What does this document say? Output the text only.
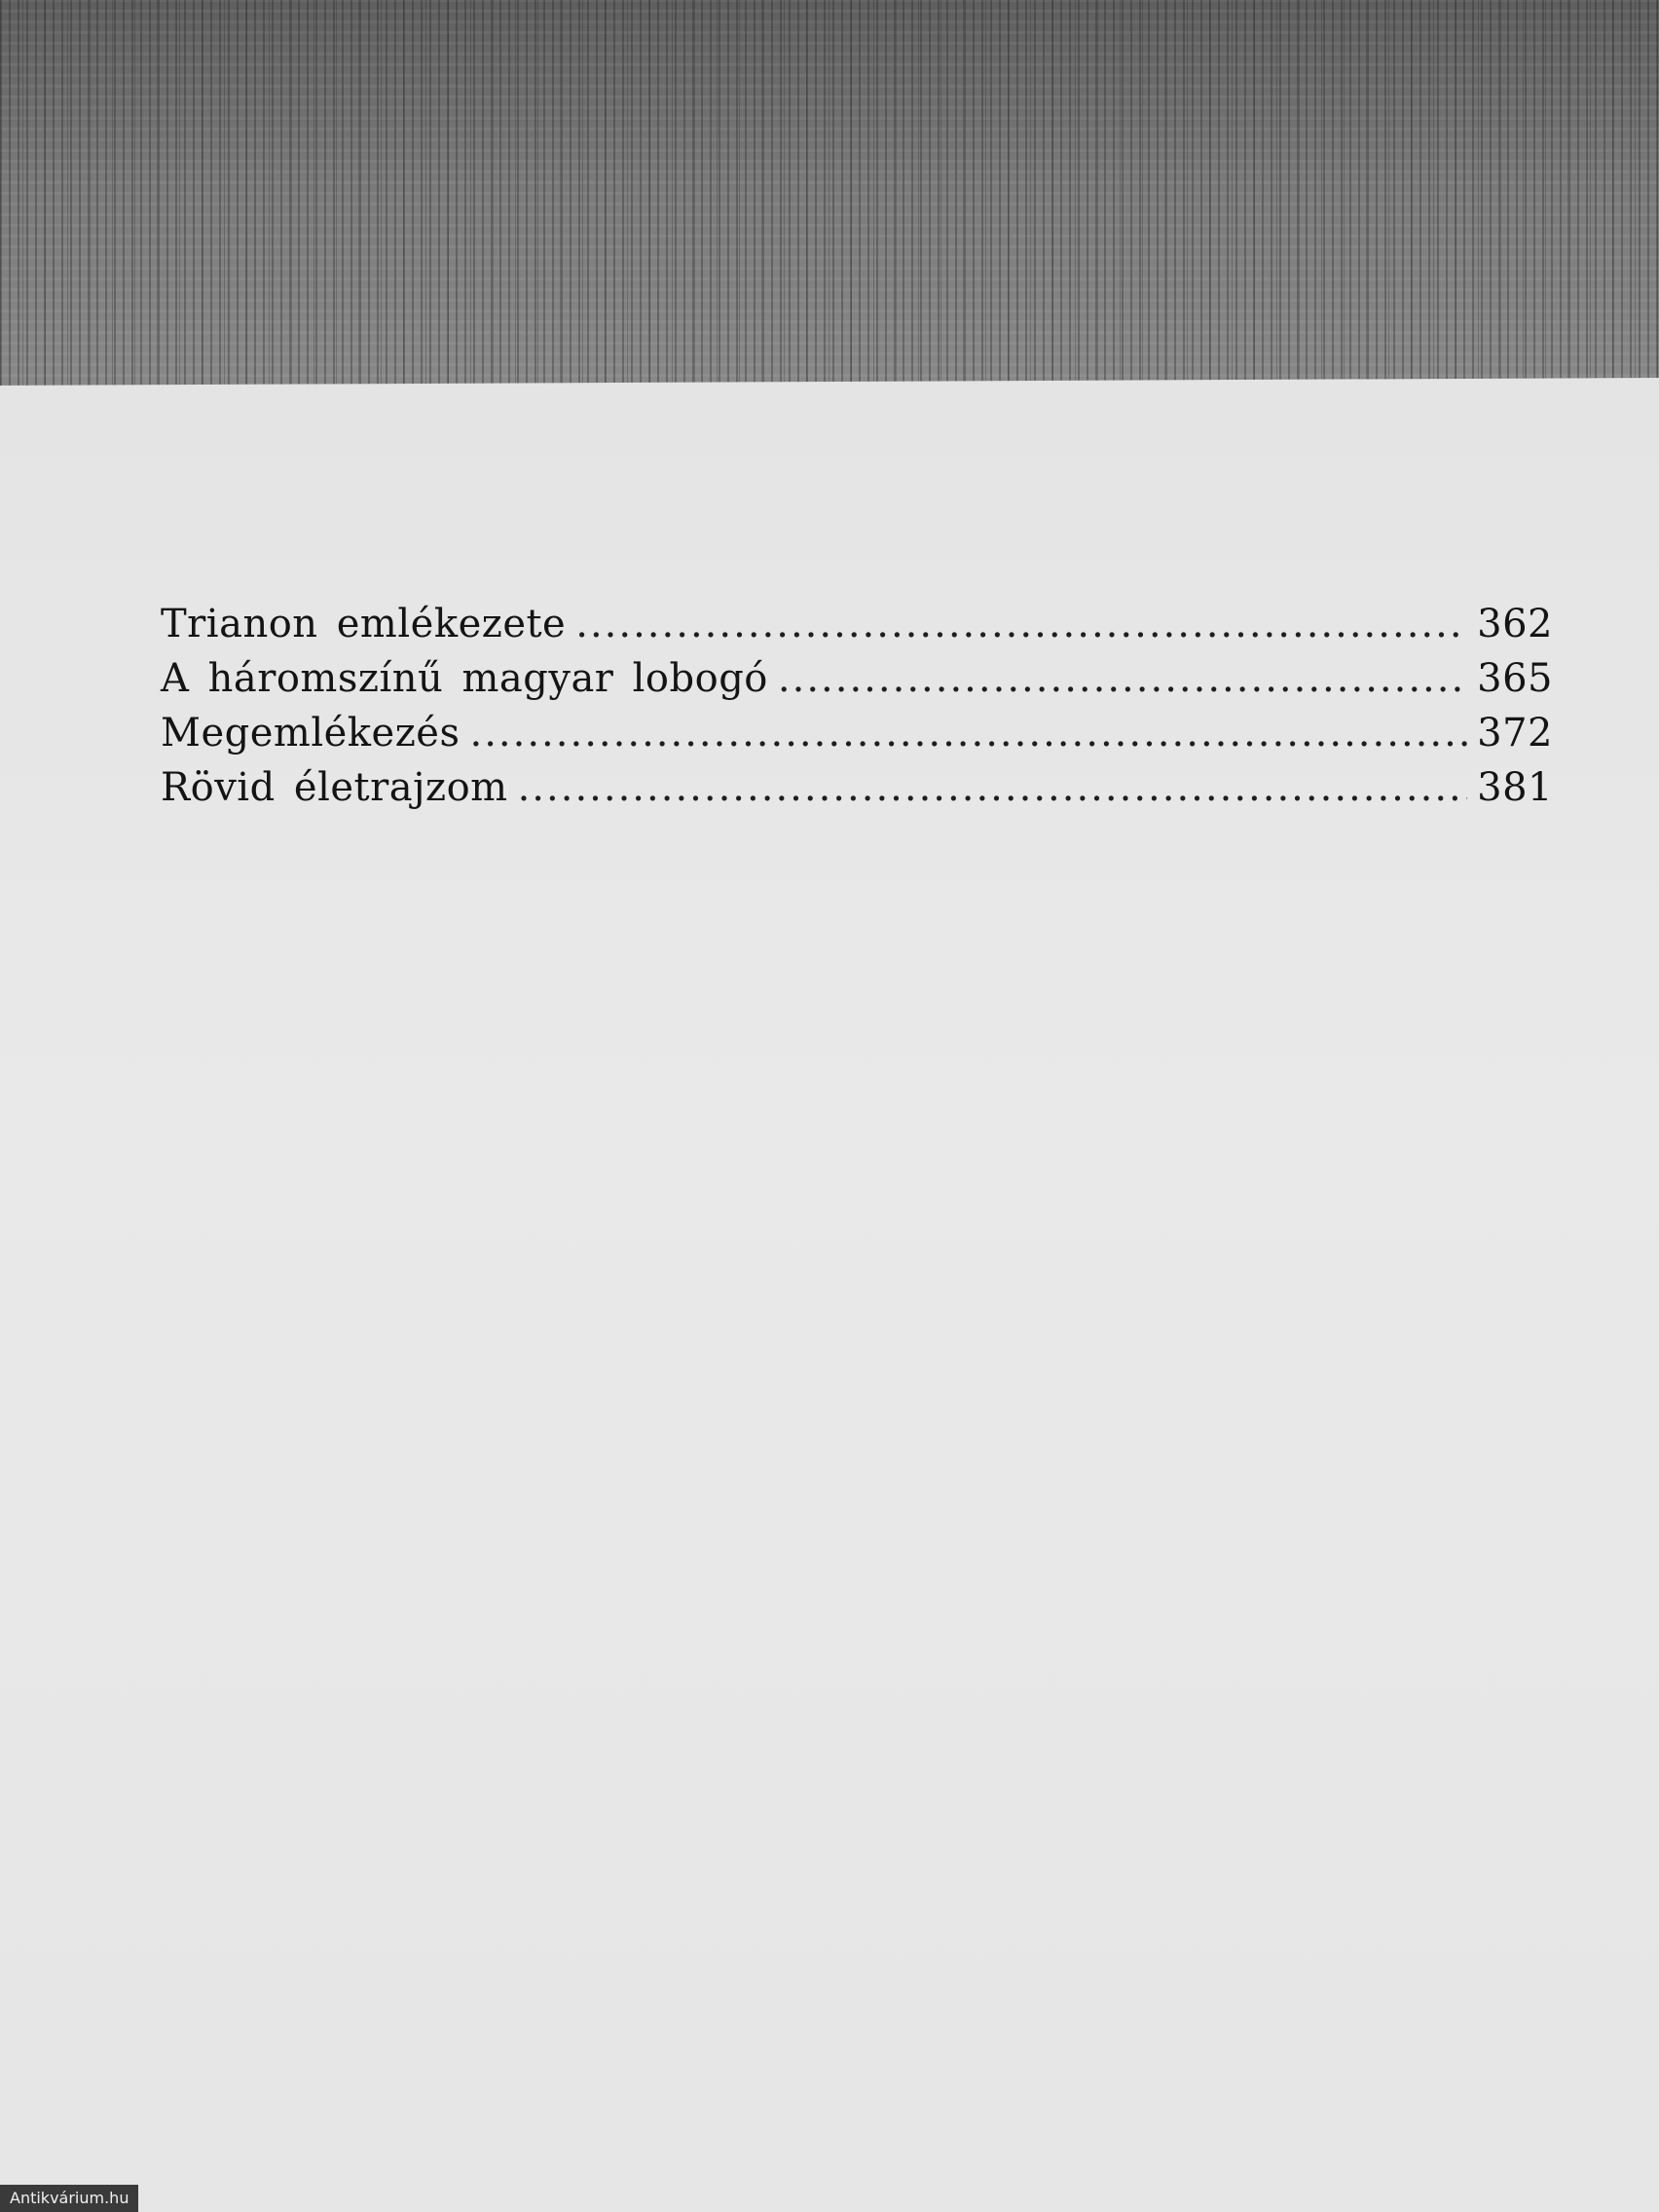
Trianon emlékezete .....	362
A háromszínű magyar lobogó .....	365
Megemlékezés .....	372
Rövid életrajzom .....	381
Antikvárium.hu
